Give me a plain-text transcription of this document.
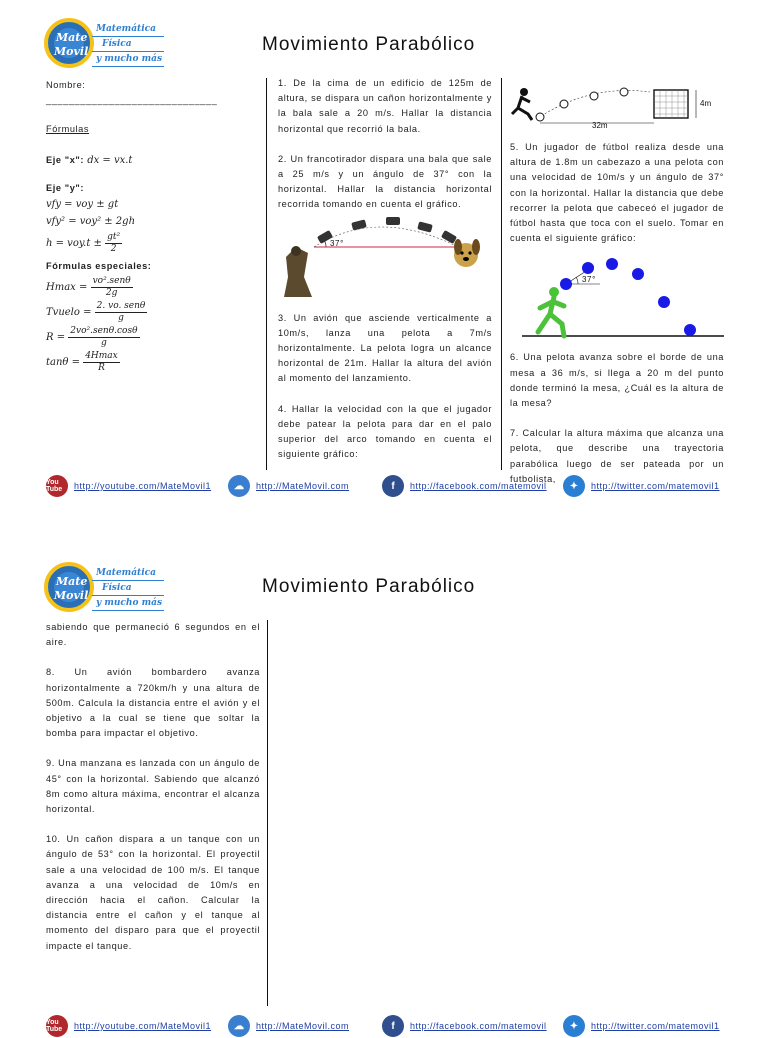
Mate
Movil
Matemática
Física
y mucho más
Movimiento Parabólico
Nombre: ______________________________
Fórmulas
Eje "x": dx = vx.t
Eje "y":
vfy = voy ± gt
vfy² = voy² ± 2gh
$h = voy.t \pm \frac{\text{gt²}}{2}$
Fórmulas especiales:
$Hmax = \frac{\text{vo².senθ}}{2g}$
Tvuelo = $\frac{\text{2. vo. senθ}}{g}$
$R = \frac{\text{2vo².senθ.cosθ}}{g}$
$\tan\theta = \frac{4Hmax}{R}$
1. De la cima de un edificio de 125m de altura, se dispara un cañon horizontalmente y la bala sale a 20 m/s. Hallar la distancia horizontal que recorrió la bala.
2. Un francotirador dispara una bala que sale a 25 m/s y un ángulo de 37° con la horizontal. Hallar la distancia horizontal recorrida tomando en cuenta el gráfico.
37°
3. Un avión que asciende verticalmente a 10m/s, lanza una pelota a 7m/s horizontalmente. La pelota logra un alcance horizontal de 21m. Hallar la altura del avión al momento del lanzamiento.
4. Hallar la velocidad con la que el jugador debe patear la pelota para dar en el palo superior del arco tomando en cuenta el siguiente gráfico:
32m
4m
5. Un jugador de fútbol realiza desde una altura de 1.8m un cabezazo a una pelota con una velocidad de 10m/s y un ángulo de 37° con la horizontal. Hallar la distancia que debe recorrer la pelota que cabeceó el jugador de fútbol hasta que toca con el suelo. Tomar en cuenta el siguiente gráfico:
37°
6. Una pelota avanza sobre el borde de una mesa a 36 m/s, si llega a 20 m del punto donde terminó la mesa, ¿Cuál es la altura de la mesa?
7. Calcular la altura máxima que alcanza una pelota, que describe una trayectoria parabólica luego de ser pateada por un futbolista,
You Tube	http://youtube.com/MateMovil1	☁	http://MateMovil.com	f	http://facebook.com/matemovil	✦	http://twitter.com/matemovil1
Mate
Movil
Matemática
Física
y mucho más
Movimiento Parabólico
sabiendo que permaneció 6 segundos en el aire.
8. Un avión bombardero avanza horizontalmente a 720km/h y una altura de 500m. Calcula la distancia entre el avión y el objetivo a la cual se tiene que soltar la bomba para impactar el objetivo.
9. Una manzana es lanzada con un ángulo de 45° con la horizontal. Sabiendo que alcanzó 8m como altura máxima, encontrar el alcanza horizontal.
10. Un cañon dispara a un tanque con un ángulo de 53° con la horizontal. El proyectil sale a una velocidad de 100 m/s. El tanque avanza a una velocidad de 10m/s en dirección hacia el cañon. Calcular la distancia entre el cañon y el tanque al momento del disparo para que el proyectil impacte el tanque.
You Tube	http://youtube.com/MateMovil1	☁	http://MateMovil.com	f	http://facebook.com/matemovil	✦	http://twitter.com/matemovil1
